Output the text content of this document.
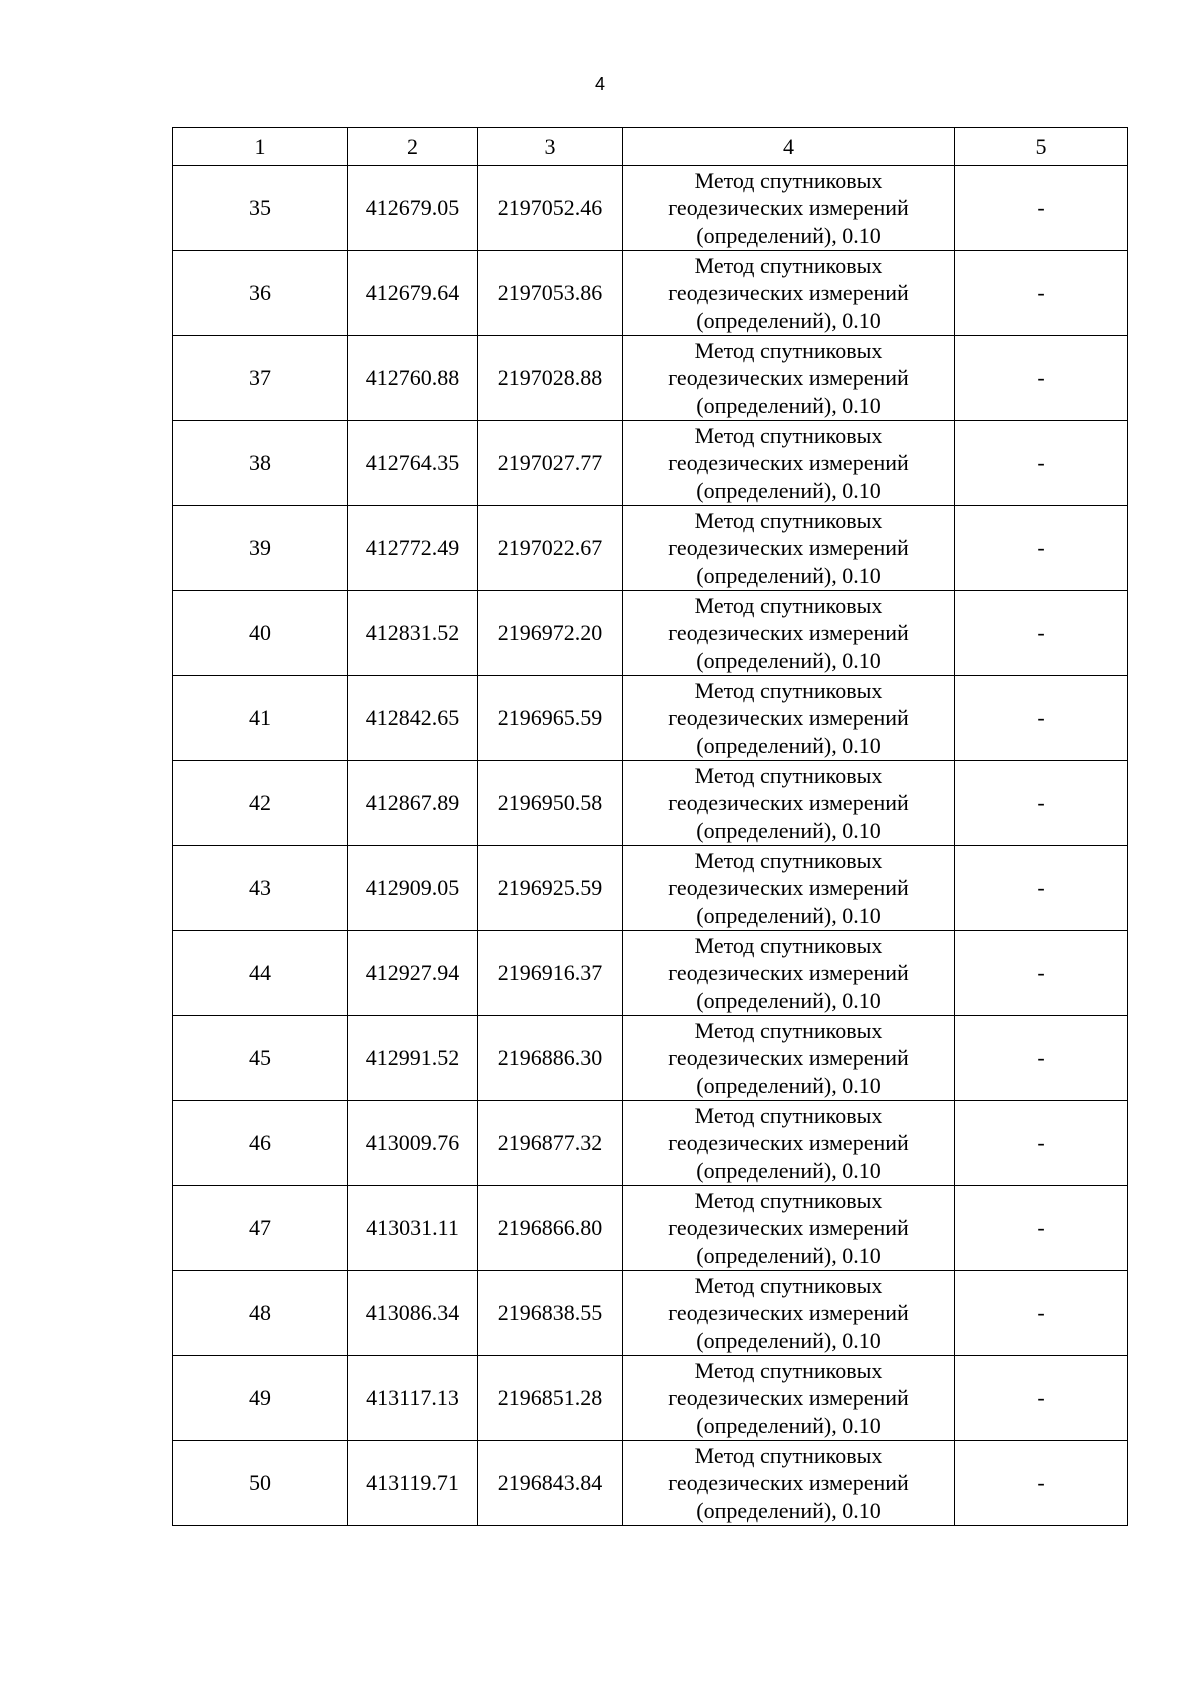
4
1	2	3	4	5
35	412679.05	2197052.46	Метод спутниковых
геодезических измерений
(определений), 0.10	-
36	412679.64	2197053.86	Метод спутниковых
геодезических измерений
(определений), 0.10	-
37	412760.88	2197028.88	Метод спутниковых
геодезических измерений
(определений), 0.10	-
38	412764.35	2197027.77	Метод спутниковых
геодезических измерений
(определений), 0.10	-
39	412772.49	2197022.67	Метод спутниковых
геодезических измерений
(определений), 0.10	-
40	412831.52	2196972.20	Метод спутниковых
геодезических измерений
(определений), 0.10	-
41	412842.65	2196965.59	Метод спутниковых
геодезических измерений
(определений), 0.10	-
42	412867.89	2196950.58	Метод спутниковых
геодезических измерений
(определений), 0.10	-
43	412909.05	2196925.59	Метод спутниковых
геодезических измерений
(определений), 0.10	-
44	412927.94	2196916.37	Метод спутниковых
геодезических измерений
(определений), 0.10	-
45	412991.52	2196886.30	Метод спутниковых
геодезических измерений
(определений), 0.10	-
46	413009.76	2196877.32	Метод спутниковых
геодезических измерений
(определений), 0.10	-
47	413031.11	2196866.80	Метод спутниковых
геодезических измерений
(определений), 0.10	-
48	413086.34	2196838.55	Метод спутниковых
геодезических измерений
(определений), 0.10	-
49	413117.13	2196851.28	Метод спутниковых
геодезических измерений
(определений), 0.10	-
50	413119.71	2196843.84	Метод спутниковых
геодезических измерений
(определений), 0.10	-
